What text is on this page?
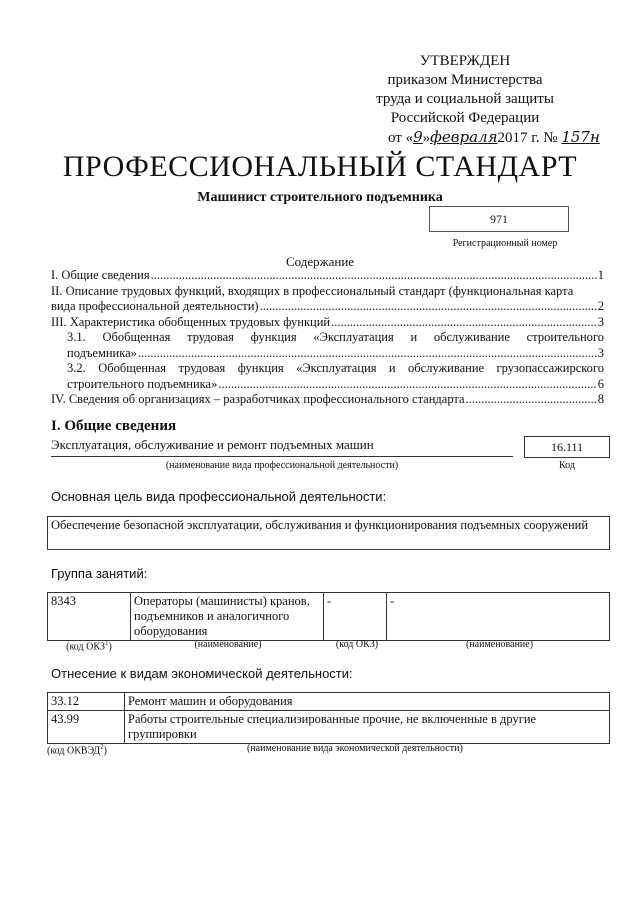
УТВЕРЖДЕН
приказом Министерства
труда и социальной защиты
Российской Федерации
от «9»февраля2017 г. № 157н
ПРОФЕССИОНАЛЬНЫЙ СТАНДАРТ
Машинист строительного подъемника
971
Регистрационный номер
Содержание
I. Общие сведения .....	1
II. Описание трудовых функций, входящих в профессиональный стандарт (функциональная карта
вида профессиональной деятельности) .....	2
III. Характеристика обобщенных трудовых функций .....	3
3.1. Обобщенная трудовая функция «Эксплуатация и обслуживание строительного
подъемника» .....	3
3.2. Обобщенная трудовая функция «Эксплуатация и обслуживание грузопассажирского
строительного подъемника» .....	6
IV. Сведения об организациях – разработчиках профессионального стандарта .....	8
I. Общие сведения
Эксплуатация, обслуживание и ремонт подъемных машин	16.111
(наименование вида профессиональной деятельности)	Код
Основная цель вида профессиональной деятельности:
Обеспечение безопасной эксплуатации, обслуживания и функционирования подъемных сооружений
Группа занятий:
8343	Операторы (машинисты) кранов, подъемников и аналогичного оборудования	-	-
(код ОКЗ$^1$)	(наименование)	(код ОКЗ)	(наименование)
Отнесение к видам экономической деятельности:
33.12	Ремонт машин и оборудования
43.99	Работы строительные специализированные прочие, не включенные в другие группировки
(код ОКВЭД$^2$)	(наименование вида экономической деятельности)
